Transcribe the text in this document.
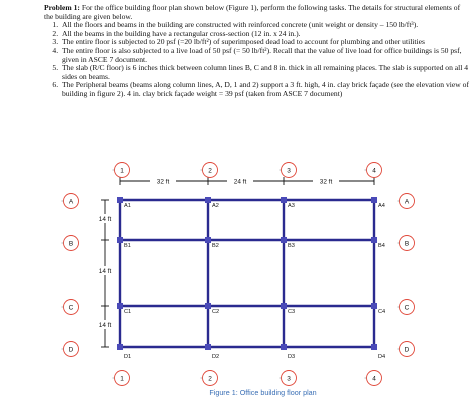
Problem 1: For the office building floor plan shown below (Figure 1), perform the following tasks. The details for structural elements of the building are given below.

1. All the floors and beams in the building are constructed with reinforced concrete (unit weight or density – 150 lb/ft³).
2. All the beams in the building have a rectangular cross-section (12 in. x 24 in.).
3. The entire floor is subjected to 20 psf (=20 lb/ft²) of superimposed dead load to account for plumbing and other utilities
4. The entire floor is also subjected to a live load of 50 psf (= 50 lb/ft²). Recall that the value of live load for office buildings is 50 psf, given in ASCE 7 document.
5. The slab (R/C floor) is 6 inches thick between column lines B, C and 8 in. thick in all remaining places. The slab is supported on all 4 sides on beams.
6. The Peripheral beams (beams along column lines, A, D, 1 and 2) support a 3 ft. high, 4 in. clay brick façade (see the elevation view of building in figure 2). 4 in. clay brick façade weight = 39 psf (taken from ASCE 7 document)
32 ft	24 ft	32 ft
14 ft
14 ft
14 ft
A1	A2	A3	A4
B1	B2	B3	B4
C1	C2	C3	C4
D1	D2	D3	D4
A	A
B	B
C	C
D	D
1
1
2
2
3
3
4
4
Figure 1: Office building floor plan
